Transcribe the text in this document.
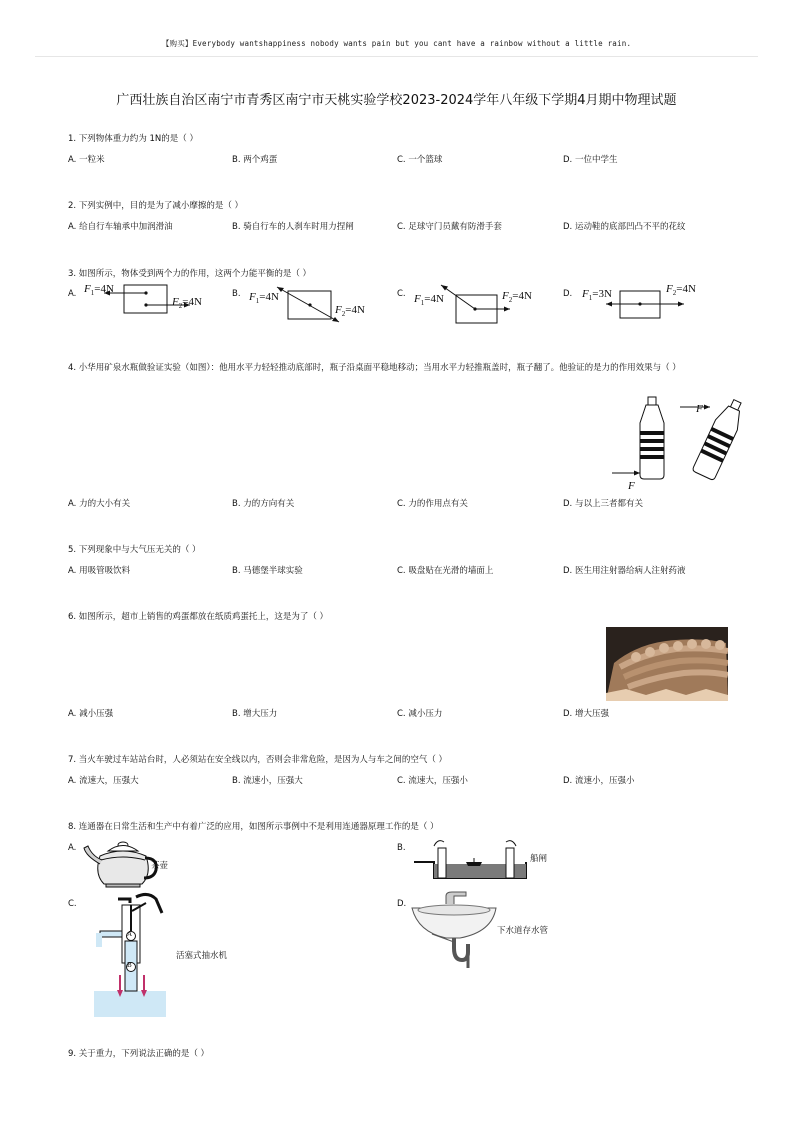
【购买】Everybody wantshappiness nobody wants pain but you cant have a rainbow without a little rain.
广西壮族自治区南宁市青秀区南宁市天桃实验学校2023-2024学年八年级下学期4月期中物理试题
1. 下列物体重力约为 1N的是（ ）
A. 一粒米	B. 两个鸡蛋	C. 一个篮球	D. 一位中学生
2. 下列实例中，目的是为了减小摩擦的是（ ）
A. 给自行车轴承中加润滑油	B. 骑自行车的人刹车时用力捏闸	C. 足球守门员戴有防滑手套	D. 运动鞋的底部凹凸不平的花纹
3. 如图所示，物体受到两个力的作用，这两个力能平衡的是（ ）
A.	B.	C.	D.
$F_1=4N$
$F_2=4N$	$F_1=4N$
$F_2=4N$
$F_1=4N$	$F_2=4N$	$F_1=3N$	$F_2=4N$
4. 小华用矿泉水瓶做验证实验（如图）：他用水平力轻轻推动底部时，瓶子沿桌面平稳地移动；当用水平力轻推瓶盖时，瓶子翻了。他验证的是力的作用效果与（ ）
F
F
A. 力的大小有关	B. 力的方向有关	C. 力的作用点有关	D. 与以上三者都有关
5. 下列现象中与大气压无关的（ ）
A. 用吸管吸饮料	B. 马德堡半球实验	C. 吸盘贴在光滑的墙面上	D. 医生用注射器给病人注射药液
6. 如图所示，超市上销售的鸡蛋都放在纸质鸡蛋托上，这是为了（ ）
A. 减小压强	B. 增大压力	C. 减小压力	D. 增大压强
7. 当火车驶过车站站台时，人必须站在安全线以内，否则会非常危险，是因为人与车之间的空气（ ）
A. 流速大，压强大	B. 流速小，压强大	C. 流速大，压强小	D. 流速小，压强小
8. 连通器在日常生活和生产中有着广泛的应用，如图所示事例中不是利用连通器原理工作的是（ ）
A.	B.
C.	D.
茶壶
船闸
A
B
活塞式抽水机
下水道存水管
9. 关于重力，下列说法正确的是（ ）
